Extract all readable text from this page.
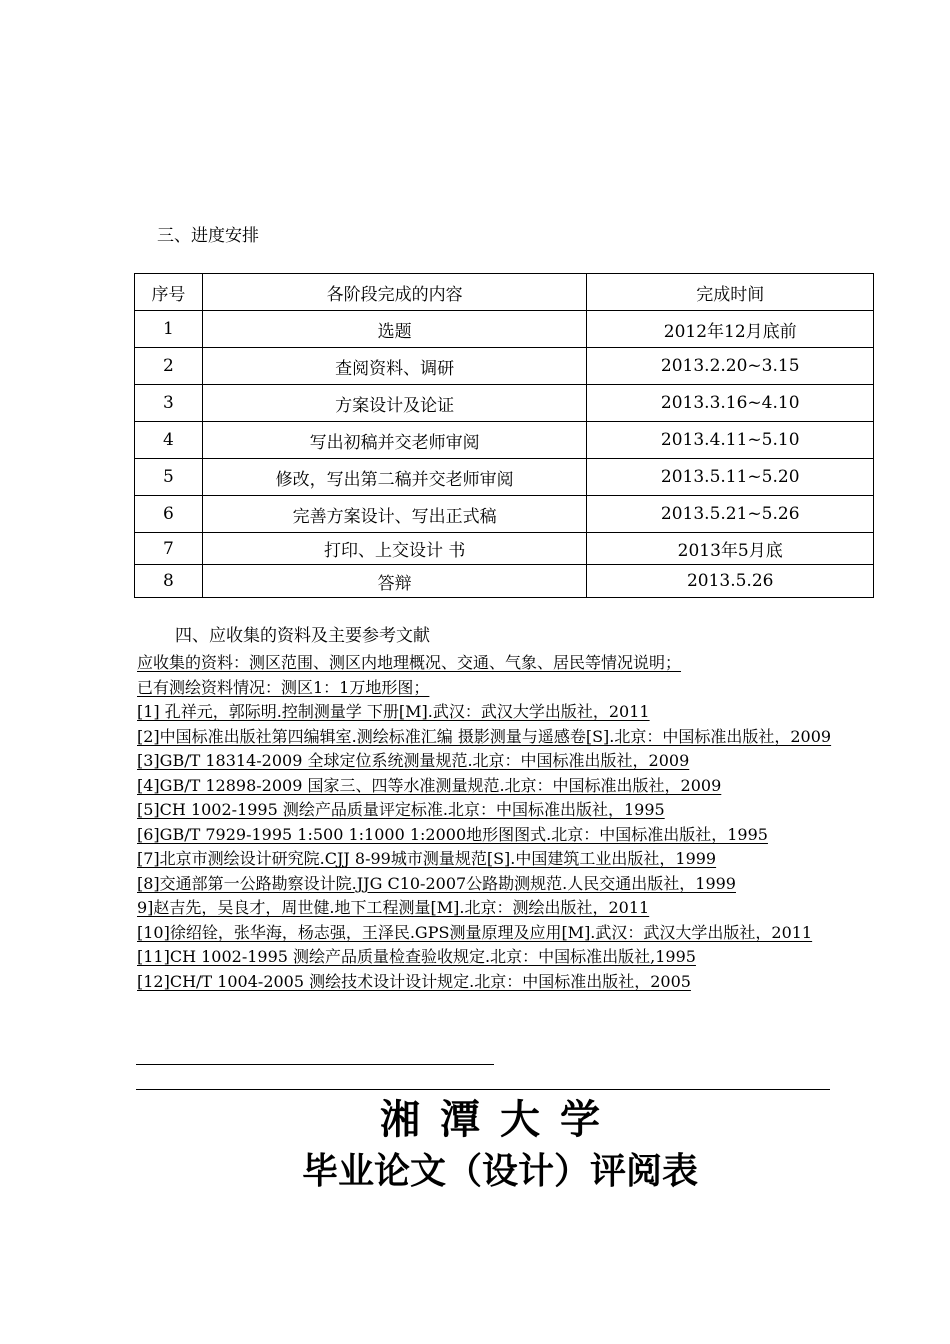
三、进度安排
序号	各阶段完成的内容	完成时间
1	选题	2012年12月底前
2	查阅资料、调研	2013.2.20~3.15
3	方案设计及论证	2013.3.16~4.10
4	写出初稿并交老师审阅	2013.4.11~5.10
5	修改，写出第二稿并交老师审阅	2013.5.11~5.20
6	完善方案设计、写出正式稿	2013.5.21~5.26
7	打印、上交设计 书	2013年5月底
8	答辩	2013.5.26
四、应收集的资料及主要参考文献
应收集的资料：测区范围、测区内地理概况、交通、气象、居民等情况说明；
已有测绘资料情况：测区1：1万地形图；
[1] 孔祥元，郭际明.控制测量学 下册[M].武汉：武汉大学出版社，2011
[2]中国标准出版社第四编辑室.测绘标准汇编 摄影测量与遥感卷[S].北京：中国标准出版社，2009
[3]GB/T 18314-2009 全球定位系统测量规范.北京：中国标准出版社，2009
[4]GB/T 12898-2009 国家三、四等水准测量规范.北京：中国标准出版社，2009
[5]CH 1002-1995 测绘产品质量评定标准.北京：中国标准出版社，1995
[6]GB/T 7929-1995 1:500 1:1000 1:2000地形图图式.北京：中国标准出版社，1995
[7]北京市测绘设计研究院.CJJ 8-99城市测量规范[S].中国建筑工业出版社，1999
[8]交通部第一公路勘察设计院.JJG C10-2007公路勘测规范.人民交通出版社，1999
9]赵吉先，吴良才，周世健.地下工程测量[M].北京：测绘出版社，2011
[10]徐绍铨，张华海，杨志强，王泽民.GPS测量原理及应用[M].武汉：武汉大学出版社，2011
[11]CH 1002-1995 测绘产品质量检查验收规定.北京：中国标准出版社,1995
[12]CH/T 1004-2005 测绘技术设计设计规定.北京：中国标准出版社，2005
湘潭大学
毕业论文（设计）评阅表
